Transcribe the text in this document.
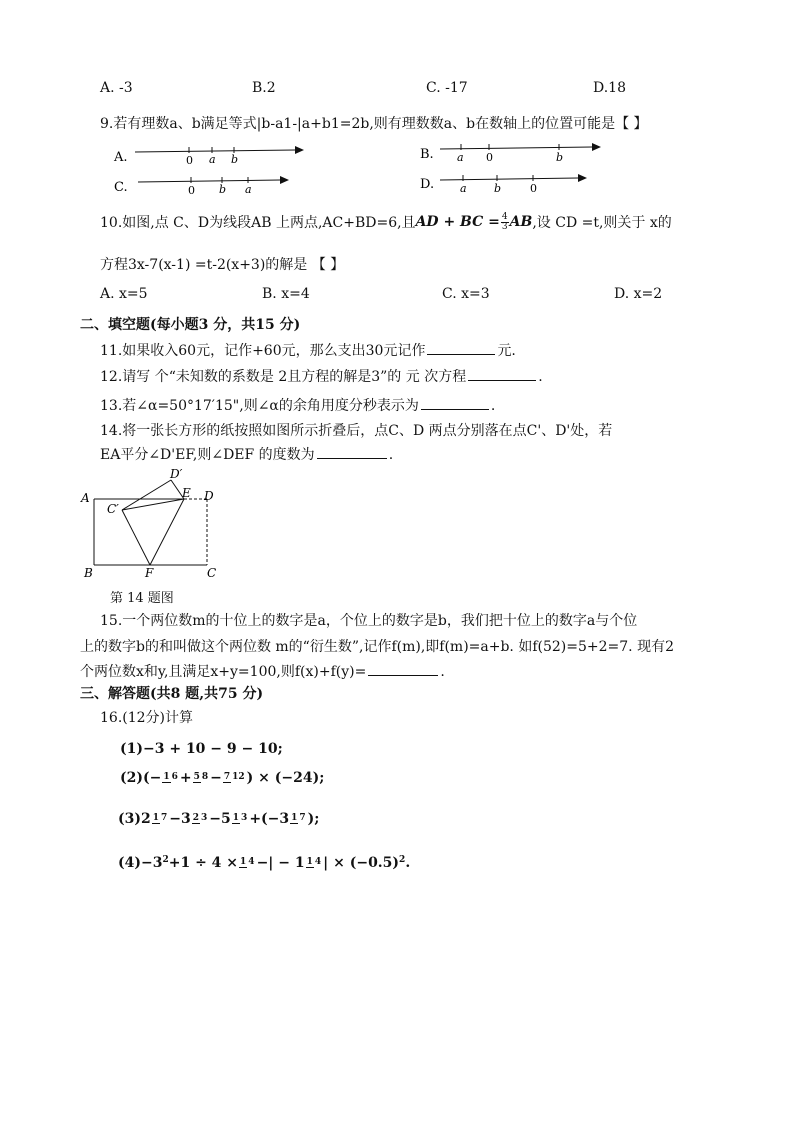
A. -3	B.2	C. -17	D.18
9.若有理数a、b满足等式|b-a1-|a+b1=2b,则有理数数a、b在数轴上的位置可能是【 】
A.	0 a b
C.	0 b a
B. a 0	b
D. a b	0
10.如图,点 C、D为线段AB 上两点,AC+BD=6,且 AD + BC = $\frac{4}{3}$ AB ,设 CD =t,则关于 x的
方程3x-7(x-1) =t-2(x+3)的解是 【 】
A. x=5	B. x=4	C. x=3	D. x=2
二、填空题(每小题3 分，共15 分)
11.如果收入60元，记作+60元，那么支出30元记作	元.
12.请写 个“未知数的系数是 2且方程的解是3”的 元 次方程	.
13.若∠α=50°17′15",则∠α的余角用度分秒表示为	.
14.将一张长方形的纸按照如图所示折叠后，点C、D 两点分别落在点C'、D'处，若
EA平分∠D'EF,则∠DEF 的度数为	.
A
B	C
D
E
F
C′
D′
第 14 题图
15.一个两位数m的十位上的数字是a，个位上的数字是b，我们把十位上的数字a与个位
上的数字b的和叫做这个两位数 m的“衍生数”,记作f(m),即f(m)=a+b. 如f(52)=5+2=7. 现有2
个两位数x和y,且满足x+y=100,则f(x)+f(y)=	.
三、解答题(共8 题,共75 分)
16.(12分)计算
(1)−3 + 10 − 9 − 10;
(2)(− 1 6 + 5 8 − 7 12 ) × (−24);
(3) 2 1 7 −3 2 3 −5 1 3 +(−3 1 7 );
$(4)-3^2 +1 \div 4 \times 1$ 4 −| − 1 1 4 | × $(-0.5)^2$ .
